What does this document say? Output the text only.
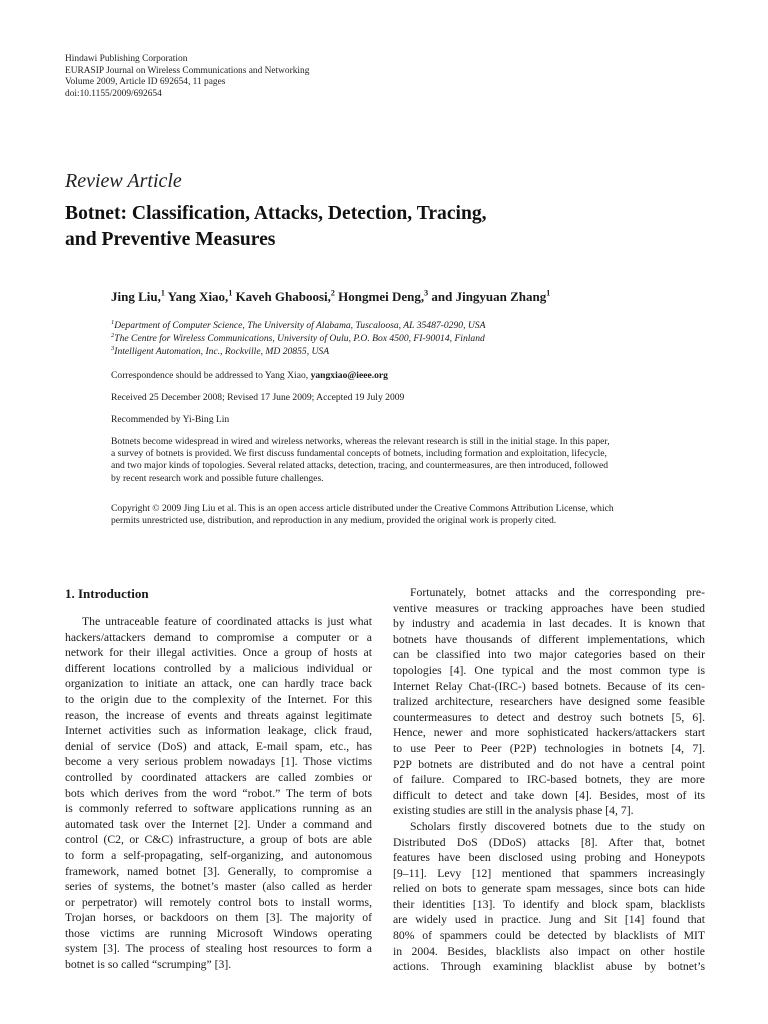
Hindawi Publishing Corporation
EURASIP Journal on Wireless Communications and Networking
Volume 2009, Article ID 692654, 11 pages
doi:10.1155/2009/692654
Review Article
Botnet: Classification, Attacks, Detection, Tracing,
and Preventive Measures
Jing Liu,$^1$ Yang Xiao,$^1$ Kaveh Ghaboosi,$^2$ Hongmei Deng,$^3$ and Jingyuan Zhang$^1$
$^1$Department of Computer Science, The University of Alabama, Tuscaloosa, AL 35487-0290, USA
$^2$The Centre for Wireless Communications, University of Oulu, P.O. Box 4500, FI-90014, Finland
$^3$Intelligent Automation, Inc., Rockville, MD 20855, USA
Correspondence should be addressed to Yang Xiao, yangxiao@ieee.org
Received 25 December 2008; Revised 17 June 2009; Accepted 19 July 2009
Recommended by Yi-Bing Lin
Botnets become widespread in wired and wireless networks, whereas the relevant research is still in the initial stage. In this paper,
a survey of botnets is provided. We first discuss fundamental concepts of botnets, including formation and exploitation, lifecycle,
and two major kinds of topologies. Several related attacks, detection, tracing, and countermeasures, are then introduced, followed
by recent research work and possible future challenges.
Copyright © 2009 Jing Liu et al. This is an open access article distributed under the Creative Commons Attribution License, which
permits unrestricted use, distribution, and reproduction in any medium, provided the original work is properly cited.
1. Introduction
The untraceable feature of coordinated attacks is just what
hackers/attackers demand to compromise a computer or a
network for their illegal activities. Once a group of hosts at
different locations controlled by a malicious individual or
organization to initiate an attack, one can hardly trace back
to the origin due to the complexity of the Internet. For this
reason, the increase of events and threats against legitimate
Internet activities such as information leakage, click fraud,
denial of service (DoS) and attack, E-mail spam, etc., has
become a very serious problem nowadays [1]. Those victims
controlled by coordinated attackers are called zombies or
bots which derives from the word “robot.” The term of bots
is commonly referred to software applications running as an
automated task over the Internet [2]. Under a command and
control (C2, or C&C) infrastructure, a group of bots are able
to form a self-propagating, self-organizing, and autonomous
framework, named botnet [3]. Generally, to compromise a
series of systems, the botnet’s master (also called as herder
or perpetrator) will remotely control bots to install worms,
Trojan horses, or backdoors on them [3]. The majority of
those victims are running Microsoft Windows operating
system [3]. The process of stealing host resources to form a
botnet is so called “scrumping” [3].
Fortunately, botnet attacks and the corresponding pre-
ventive measures or tracking approaches have been studied
by industry and academia in last decades. It is known that
botnets have thousands of different implementations, which
can be classified into two major categories based on their
topologies [4]. One typical and the most common type is
Internet Relay Chat-(IRC-) based botnets. Because of its cen-
tralized architecture, researchers have designed some feasible
countermeasures to detect and destroy such botnets [5, 6].
Hence, newer and more sophisticated hackers/attackers start
to use Peer to Peer (P2P) technologies in botnets [4, 7].
P2P botnets are distributed and do not have a central point
of failure. Compared to IRC-based botnets, they are more
difficult to detect and take down [4]. Besides, most of its
existing studies are still in the analysis phase [4, 7].
Scholars firstly discovered botnets due to the study on
Distributed DoS (DDoS) attacks [8]. After that, botnet
features have been disclosed using probing and Honeypots
[9–11]. Levy [12] mentioned that spammers increasingly
relied on bots to generate spam messages, since bots can hide
their identities [13]. To identify and block spam, blacklists
are widely used in practice. Jung and Sit [14] found that
80% of spammers could be detected by blacklists of MIT
in 2004. Besides, blacklists also impact on other hostile
actions. Through examining blacklist abuse by botnet’s
